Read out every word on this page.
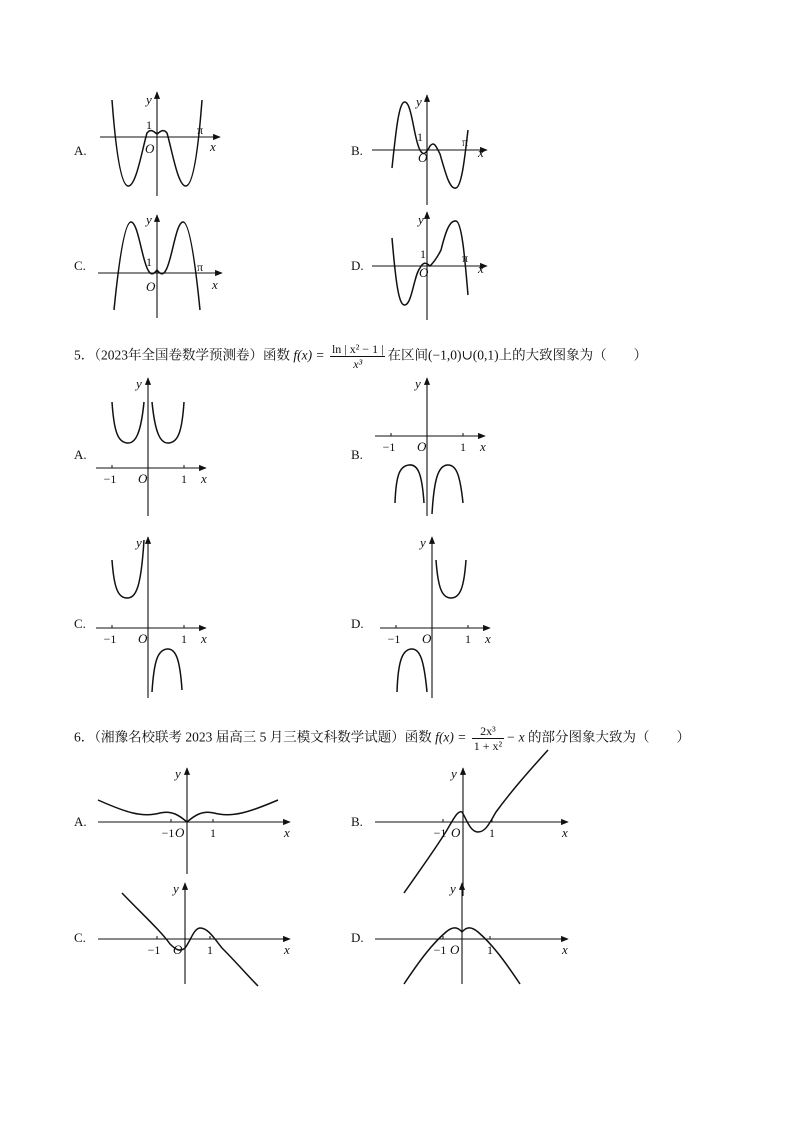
5．（2023年全国卷数学预测卷）函数 $f(x) = \frac{\text{ln | x² − 1 |}}{\text{x³}}$ 在区间(−1,0)∪(0,1)上的大致图象为（　　）
6．（湘豫名校联考 2023 届高三 5 月三模文科数学试题）函数 $f(x) = \frac{\text{2x³}}{\text{1 + x²}} - x$ 的部分图象大致为（　　）
A.
y
1
O
π
x	B.
y
1
O
π
x
C.
y
1
O
π
x
D.
y
1
O
π
x
A.
y
O
−1	1 x
B.
y
O
−1	1 x
C.
y
O
−1	1 x
D.
y
O
−1	1 x
A.
y
O
−1	1	x
B.
y
O
−1	1	x
C.
y
O
−1	1	x
D.
y
O
−1	1	x
